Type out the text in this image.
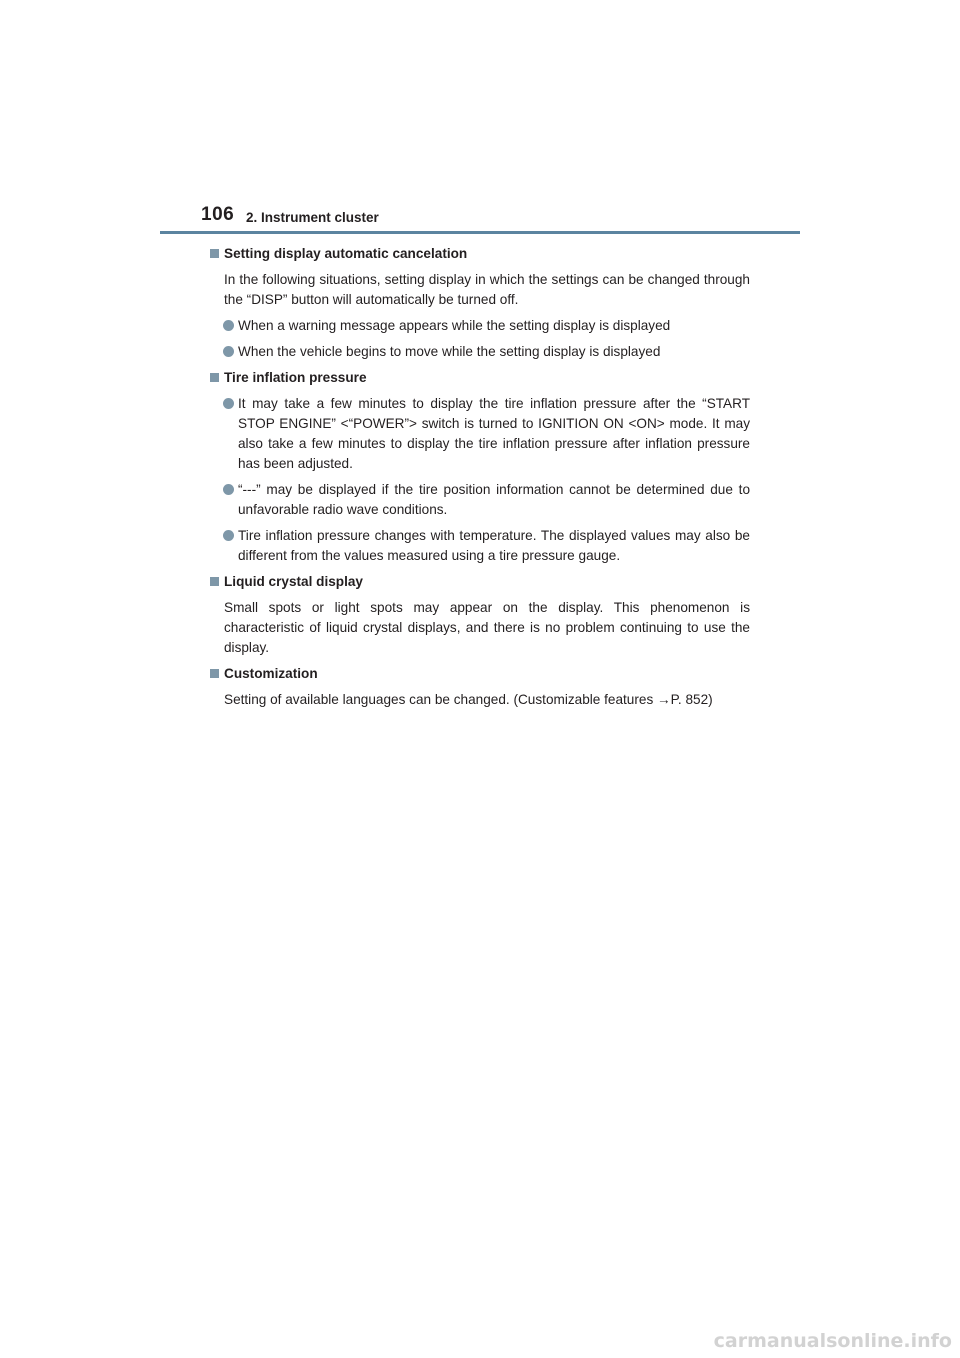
106 2. Instrument cluster
Setting display automatic cancelation

In the following situations, setting display in which the settings can be changed through the “DISP” button will automatically be turned off.

When a warning message appears while the setting display is displayed
When the vehicle begins to move while the setting display is displayed
Tire inflation pressure
It may take a few minutes to display the tire inflation pressure after the “START STOP ENGINE” <“POWER”> switch is turned to IGNITION ON <ON> mode. It may also take a few minutes to display the tire inflation pressure after inflation pressure has been adjusted.
“---” may be displayed if the tire position information cannot be determined due to unfavorable radio wave conditions.
Tire inflation pressure changes with temperature. The displayed values may also be different from the values measured using a tire pressure gauge.
Liquid crystal display

Small spots or light spots may appear on the display. This phenomenon is characteristic of liquid crystal displays, and there is no problem continuing to use the display.

Customization

Setting of available languages can be changed. (Customizable features →P. 852)

carmanualsonline.info
